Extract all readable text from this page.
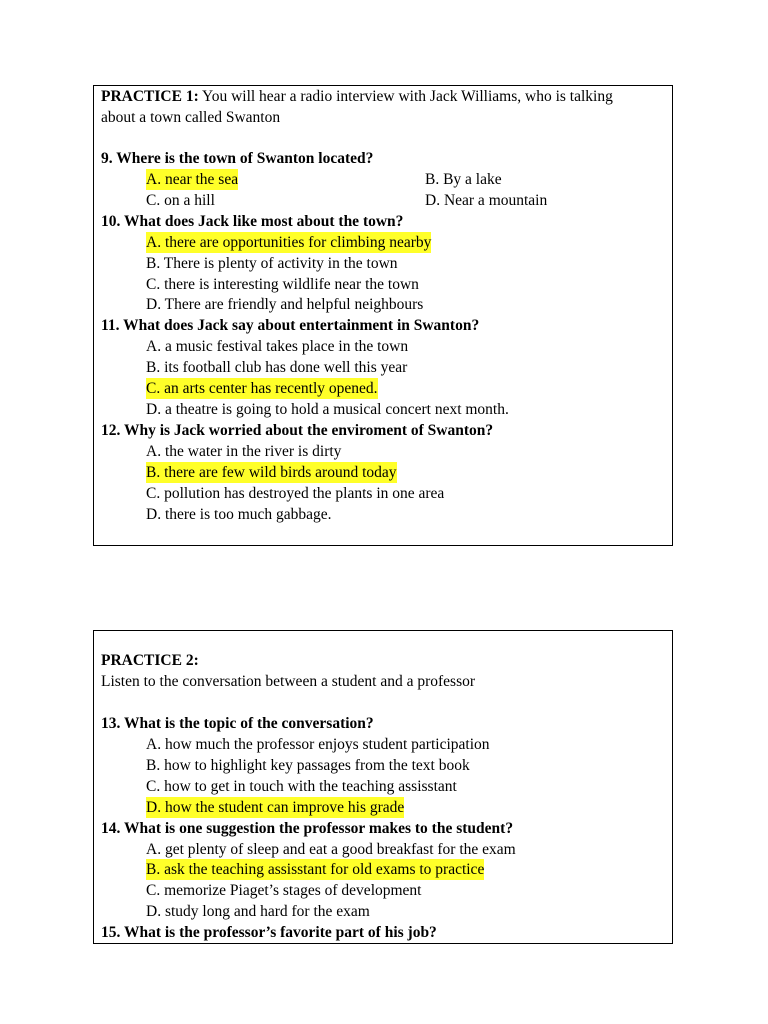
PRACTICE 1: You will hear a radio interview with Jack Williams, who is talking
about a town called Swanton
9. Where is the town of Swanton located?
A. near the sea	B. By a lake
C. on a hill	D. Near a mountain
10. What does Jack like most about the town?
A. there are opportunities for climbing nearby
B. There is plenty of activity in the town
C. there is interesting wildlife near the town
D. There are friendly and helpful neighbours
11. What does Jack say about entertainment in Swanton?
A. a music festival takes place in the town
B. its football club has done well this year
C. an arts center has recently opened.
D. a theatre is going to hold a musical concert next month.
12. Why is Jack worried about the enviroment of Swanton?
A. the water in the river is dirty
B. there are few wild birds around today
C. pollution has destroyed the plants in one area
D. there is too much gabbage.
PRACTICE 2:
Listen to the conversation between a student and a professor
13. What is the topic of the conversation?
A. how much the professor enjoys student participation
B. how to highlight key passages from the text book
C. how to get in touch with the teaching assisstant
D. how the student can improve his grade
14. What is one suggestion the professor makes to the student?
A. get plenty of sleep and eat a good breakfast for the exam
B. ask the teaching assisstant for old exams to practice
C. memorize Piaget’s stages of development
D. study long and hard for the exam
15. What is the professor’s favorite part of his job?
